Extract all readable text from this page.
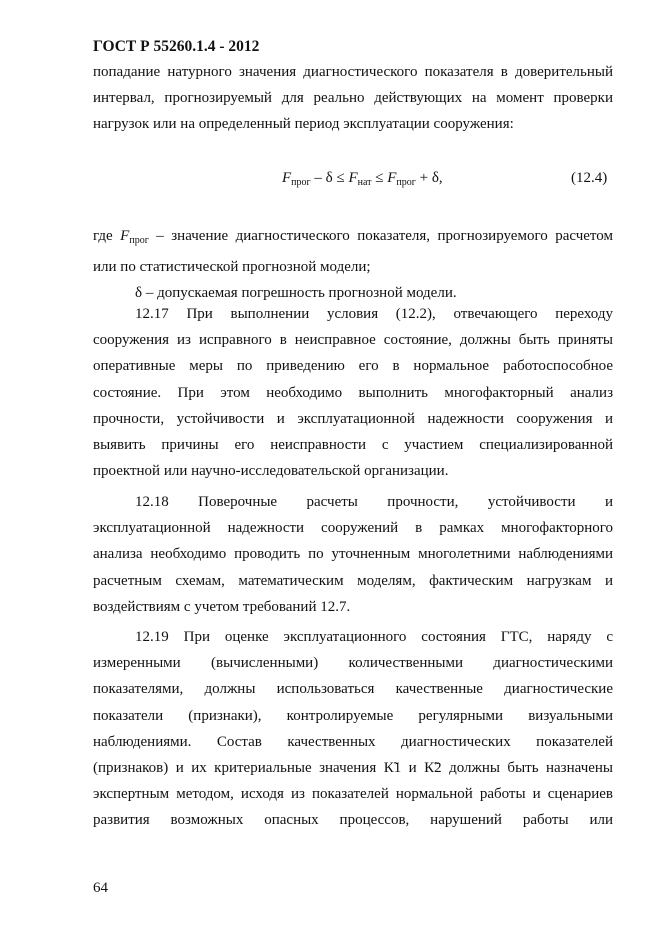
ГОСТ Р 55260.1.4 - 2012
попадание натурного значения диагностического показателя в доверительный
интервал, прогнозируемый для реально действующих на момент проверки
нагрузок или на определенный период эксплуатации сооружения:
$F_{прог} - \delta \le F_{нат} \le F_{прог} + \delta$,	(12.4)
где $F_{прог}$ – значение диагностического показателя, прогнозируемого расчетом
или по статистической прогнозной модели;
δ – допускаемая погрешность прогнозной модели.
12.17 При выполнении условия (12.2), отвечающего переходу
сооружения из исправного в неисправное состояние, должны быть приняты
оперативные меры по приведению его в нормальное работоспособное
состояние. При этом необходимо выполнить многофакторный анализ
прочности, устойчивости и эксплуатационной надежности сооружения и
выявить причины его неисправности с участием специализированной
проектной или научно-исследовательской организации.
12.18 Поверочные расчеты прочности, устойчивости и
эксплуатационной надежности сооружений в рамках многофакторного
анализа необходимо проводить по уточненным многолетними наблюдениями
расчетным схемам, математическим моделям, фактическим нагрузкам и
воздействиям с учетом требований 12.7.
12.19 При оценке эксплуатационного состояния ГТС, наряду с
измеренными (вычисленными) количественными диагностическими
показателями, должны использоваться качественные диагностические
показатели (признаки), контролируемые регулярными визуальными
наблюдениями. Состав качественных диагностических показателей
(признаков) и их критериальные значения К̃1 и К̃2 должны быть назначены
экспертным методом, исходя из показателей нормальной работы и сценариев
развития возможных опасных процессов, нарушений работы или
64
